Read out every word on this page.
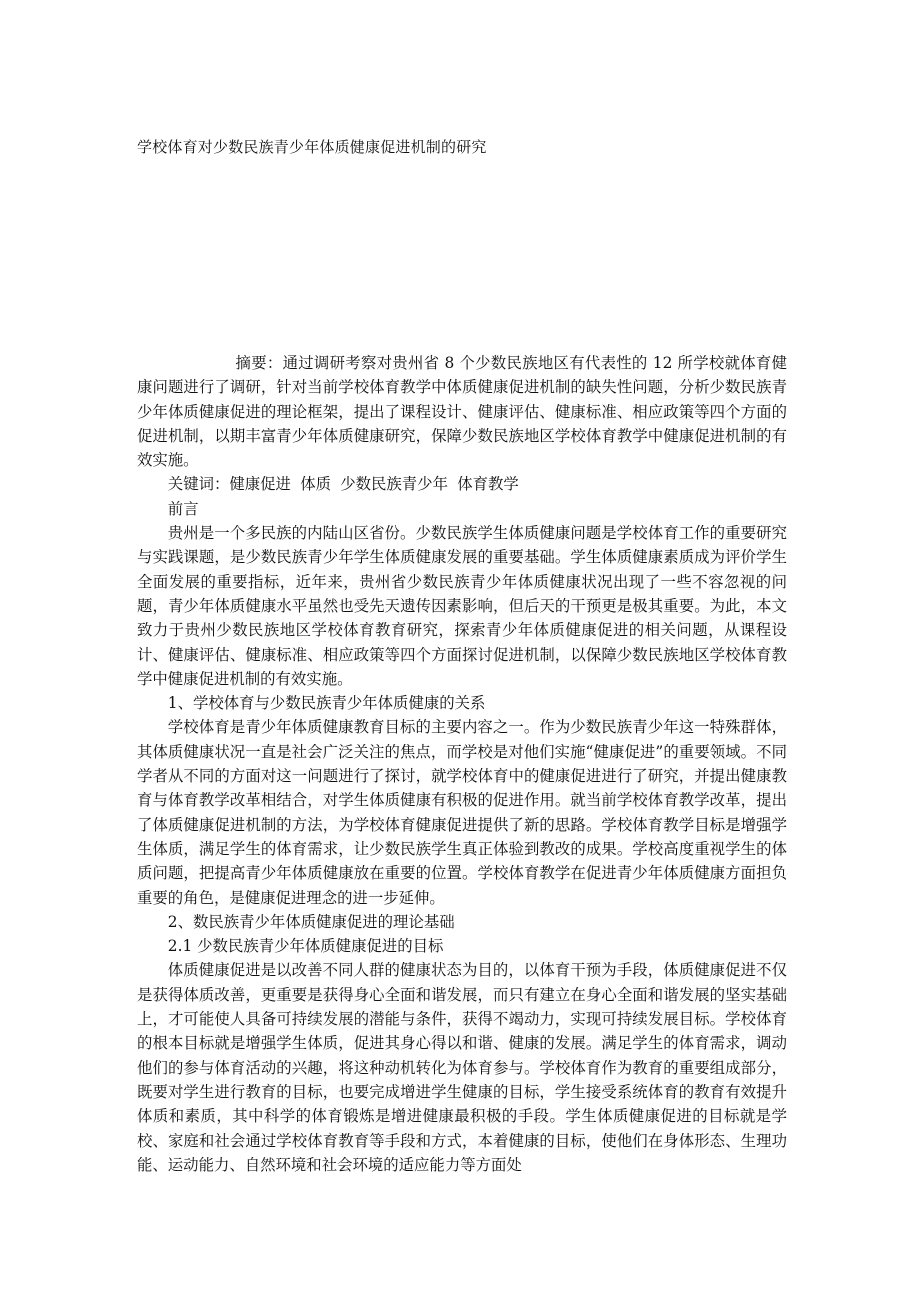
学校体育对少数民族青少年体质健康促进机制的研究

摘要：通过调研考察对贵州省 8 个少数民族地区有代表性的 12 所学校就体育健康问题进行了调研，针对当前学校体育教学中体质健康促进机制的缺失性问题，分析少数民族青少年体质健康促进的理论框架，提出了课程设计、健康评估、健康标准、相应政策等四个方面的促进机制，以期丰富青少年体质健康研究，保障少数民族地区学校体育教学中健康促进机制的有效实施。

关键词：健康促进 体质 少数民族青少年 体育教学

前言

贵州是一个多民族的内陆山区省份。少数民族学生体质健康问题是学校体育工作的重要研究与实践课题，是少数民族青少年学生体质健康发展的重要基础。学生体质健康素质成为评价学生全面发展的重要指标，近年来，贵州省少数民族青少年体质健康状况出现了一些不容忽视的问题，青少年体质健康水平虽然也受先天遗传因素影响，但后天的干预更是极其重要。为此，本文致力于贵州少数民族地区学校体育教育研究，探索青少年体质健康促进的相关问题，从课程设计、健康评估、健康标准、相应政策等四个方面探讨促进机制，以保障少数民族地区学校体育教学中健康促进机制的有效实施。

1、学校体育与少数民族青少年体质健康的关系

学校体育是青少年体质健康教育目标的主要内容之一。作为少数民族青少年这一特殊群体，其体质健康状况一直是社会广泛关注的焦点，而学校是对他们实施“健康促进”的重要领域。不同学者从不同的方面对这一问题进行了探讨，就学校体育中的健康促进进行了研究，并提出健康教育与体育教学改革相结合，对学生体质健康有积极的促进作用。就当前学校体育教学改革，提出了体质健康促进机制的方法，为学校体育健康促进提供了新的思路。学校体育教学目标是增强学生体质，满足学生的体育需求，让少数民族学生真正体验到教改的成果。学校高度重视学生的体质问题，把提高青少年体质健康放在重要的位置。学校体育教学在促进青少年体质健康方面担负重要的角色，是健康促进理念的进一步延伸。

2、数民族青少年体质健康促进的理论基础

2.1 少数民族青少年体质健康促进的目标

体质健康促进是以改善不同人群的健康状态为目的，以体育干预为手段，体质健康促进不仅是获得体质改善，更重要是获得身心全面和谐发展，而只有建立在身心全面和谐发展的坚实基础上，才可能使人具备可持续发展的潜能与条件，获得不竭动力，实现可持续发展目标。学校体育的根本目标就是增强学生体质，促进其身心得以和谐、健康的发展。满足学生的体育需求，调动他们的参与体育活动的兴趣，将这种动机转化为体育参与。学校体育作为教育的重要组成部分，既要对学生进行教育的目标，也要完成增进学生健康的目标，学生接受系统体育的教育有效提升体质和素质，其中科学的体育锻炼是增进健康最积极的手段。学生体质健康促进的目标就是学校、家庭和社会通过学校体育教育等手段和方式，本着健康的目标，使他们在身体形态、生理功能、运动能力、自然环境和社会环境的适应能力等方面处
